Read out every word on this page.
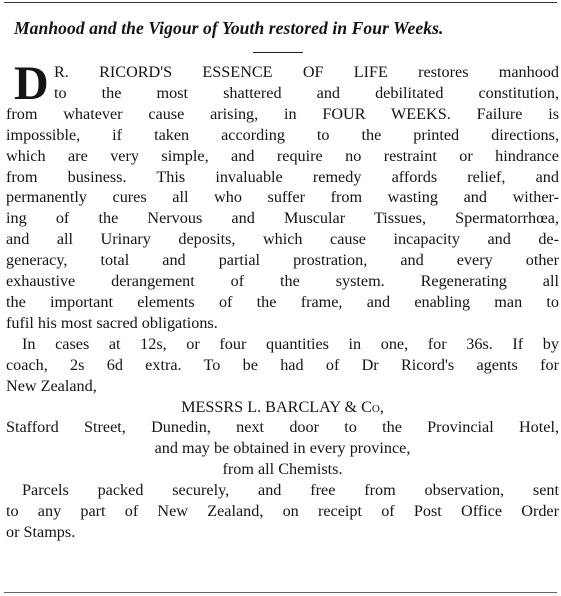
Manhood and the Vigour of Youth restored in Four Weeks.
D R. RICORD'S ESSENCE OF LIFE restores manhood
to the most shattered and debilitated constitution,
from whatever cause arising, in FOUR WEEKS. Failure is
impossible, if taken according to the printed directions,
which are very simple, and require no restraint or hindrance
from business. This invaluable remedy affords relief, and
permanently cures all who suffer from wasting and wither-
ing of the Nervous and Muscular Tissues, Spermatorrhœa,
and all Urinary deposits, which cause incapacity and de-
generacy, total and partial prostration, and every other
exhaustive derangement of the system. Regenerating all
the important elements of the frame, and enabling man to
fufil his most sacred obligations.
In cases at 12s, or four quantities in one, for 36s. If by
coach, 2s 6d extra. To be had of Dr Ricord's agents for
New Zealand,
MESSRS L. BARCLAY & Co,
Stafford Street, Dunedin, next door to the Provincial Hotel,
and may be obtained in every province,
from all Chemists.
Parcels packed securely, and free from observation, sent
to any part of New Zealand, on receipt of Post Office Order
or Stamps.
